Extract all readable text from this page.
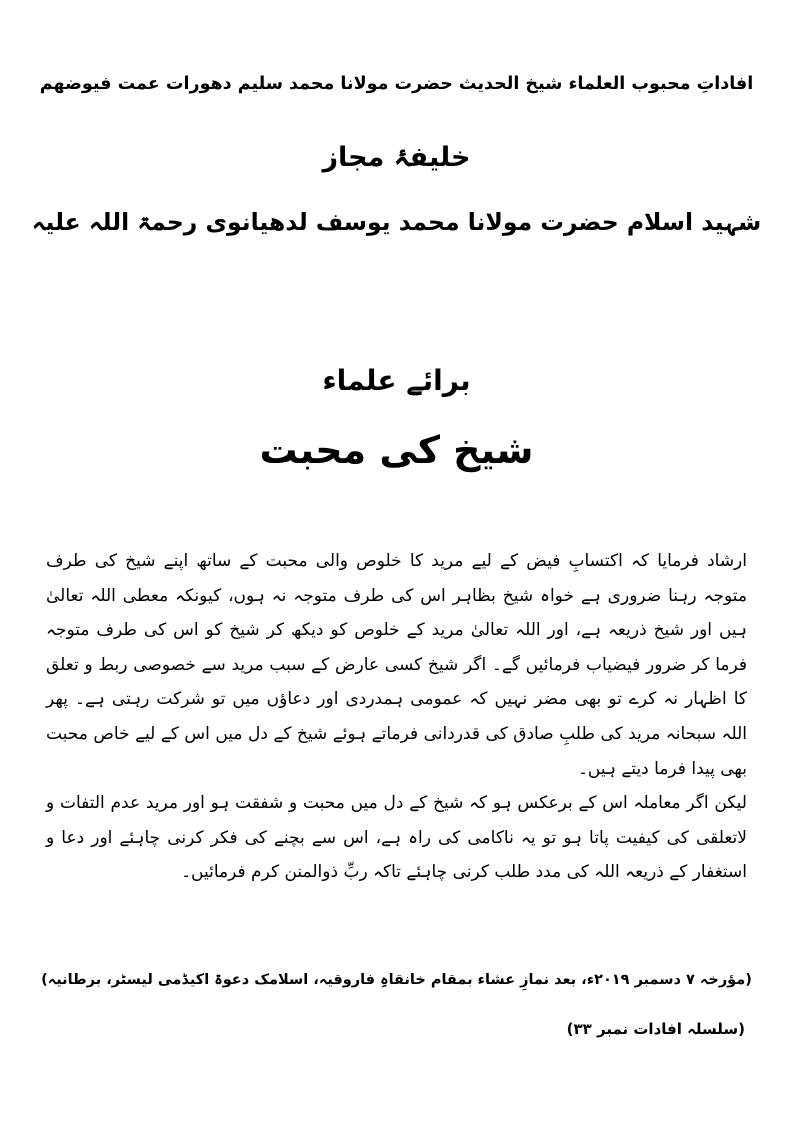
افاداتِ محبوب العلماء شیخ الحدیث حضرت مولانا محمد سلیم دھورات عمت فیوضھم
خلیفۂ مجاز
شہید اسلام حضرت مولانا محمد یوسف لدھیانوی رحمۃ اللہ علیہ
برائے علماء
شیخ کی محبت

ارشاد فرمایا کہ اکتسابِ فیض کے لیے مرید کا خلوص والی محبت کے ساتھ اپنے شیخ کی طرف متوجہ رہنا ضروری ہے خواہ شیخ بظاہر اس کی طرف متوجہ نہ ہوں، کیونکہ معطی اللہ تعالیٰ ہیں اور شیخ ذریعہ ہے، اور اللہ تعالیٰ مرید کے خلوص کو دیکھ کر شیخ کو اس کی طرف متوجہ فرما کر ضرور فیضیاب فرمائیں گے۔ اگر شیخ کسی عارض کے سبب مرید سے خصوصی ربط و تعلق کا اظہار نہ کرے تو بھی مضر نہیں کہ عمومی ہمدردی اور دعاؤں میں تو شرکت رہتی ہے۔ پھر اللہ سبحانہ مرید کی طلبِ صادق کی قدردانی فرماتے ہوئے شیخ کے دل میں اس کے لیے خاص محبت بھی پیدا فرما دیتے ہیں۔

لیکن اگر معاملہ اس کے برعکس ہو کہ شیخ کے دل میں محبت و شفقت ہو اور مرید عدم التفات و لاتعلقی کی کیفیت پاتا ہو تو یہ ناکامی کی راہ ہے، اس سے بچنے کی فکر کرنی چاہئے اور دعا و استغفار کے ذریعہ اللہ کی مدد طلب کرنی چاہئے تاکہ ربِّ ذوالمنن کرم فرمائیں۔

(مؤرخہ ۷ دسمبر ۲۰۱۹ء، بعد نمازِ عشاء بمقام خانقاہِ فاروقیہ، اسلامک دعوۃ اکیڈمی لیسٹر، برطانیہ)
(سلسلہ افادات نمبر ۳۳)
